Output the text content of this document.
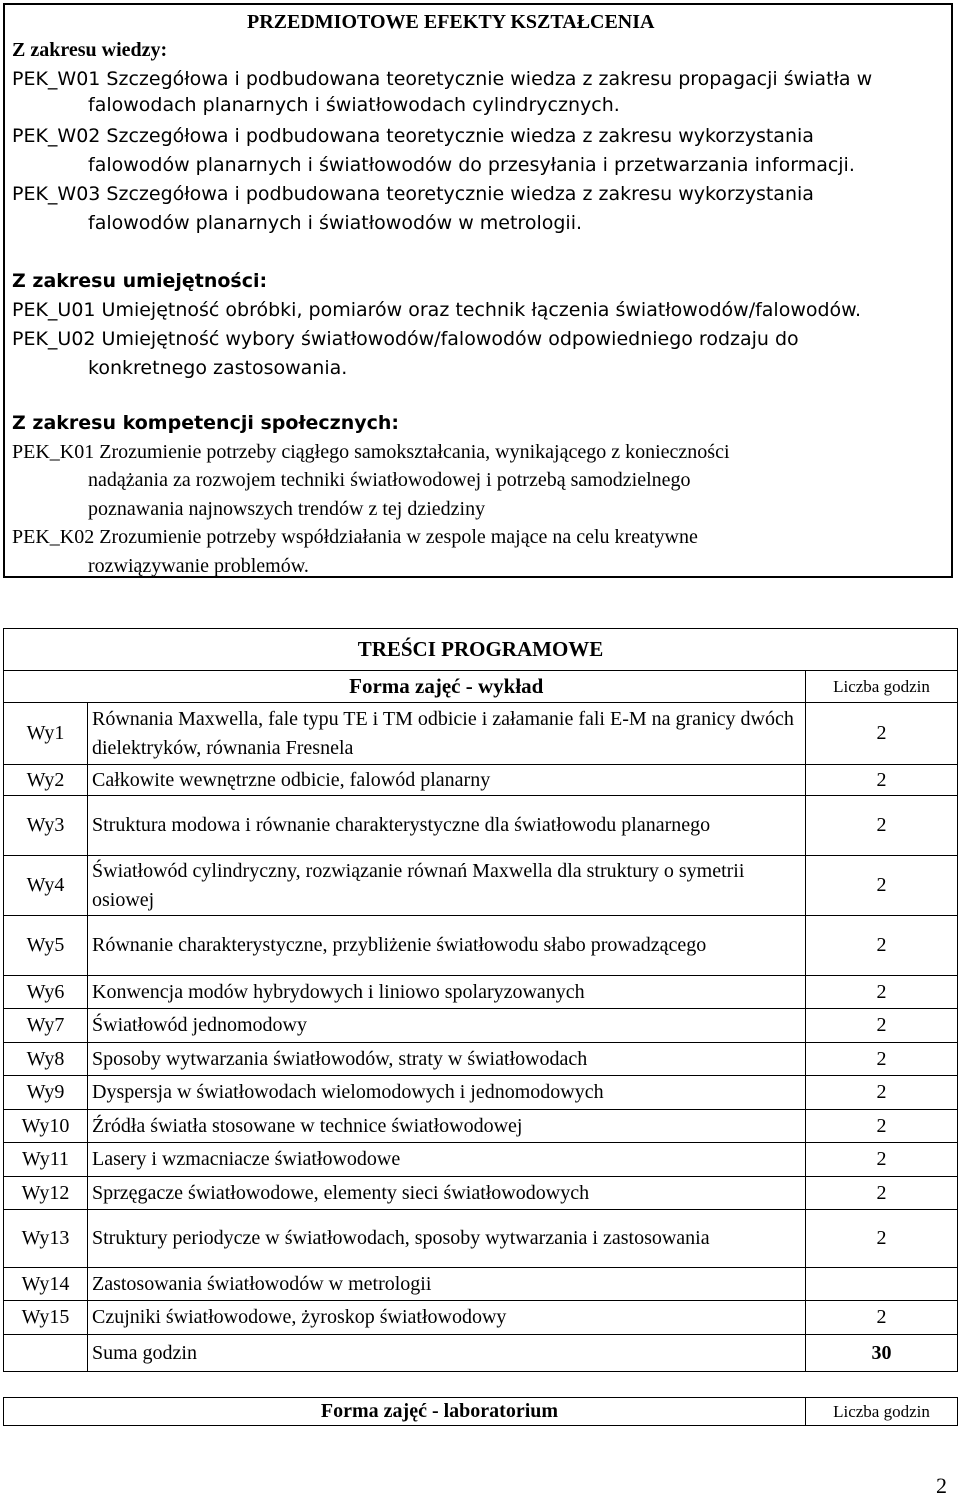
PRZEDMIOTOWE EFEKTY KSZTAŁCENIA
Z zakresu wiedzy:
PEK_W01 Szczegółowa i podbudowana teoretycznie wiedza z zakresu propagacji światła w
falowodach planarnych i światłowodach cylindrycznych.
PEK_W02 Szczegółowa i podbudowana teoretycznie wiedza z zakresu wykorzystania
falowodów planarnych i światłowodów do przesyłania i przetwarzania informacji.
PEK_W03 Szczegółowa i podbudowana teoretycznie wiedza z zakresu wykorzystania
falowodów planarnych i światłowodów w metrologii.
Z zakresu umiejętności:
PEK_U01 Umiejętność obróbki, pomiarów oraz technik łączenia światłowodów/falowodów.
PEK_U02 Umiejętność wybory światłowodów/falowodów odpowiedniego rodzaju do
konkretnego zastosowania.
Z zakresu kompetencji społecznych:
PEK_K01 Zrozumienie potrzeby ciągłego samokształcania, wynikającego z konieczności
nadążania za rozwojem techniki światłowodowej i potrzebą samodzielnego
poznawania najnowszych trendów z tej dziedziny
PEK_K02 Zrozumienie potrzeby współdziałania w zespole mające na celu kreatywne
rozwiązywanie problemów.
TREŚCI PROGRAMOWE		
	Forma zajęć - wykład	Liczba godzin
Wy1	Równania Maxwella, fale typu TE i TM odbicie i załamanie fali E-M na granicy dwóch dielektryków, równania Fresnela	2
Wy2	Całkowite wewnętrzne odbicie, falowód planarny	2
Wy3	Struktura modowa i równanie charakterystyczne dla światłowodu planarnego	2
Wy4	Światłowód cylindryczny, rozwiązanie równań Maxwella dla struktury o symetrii osiowej	2
Wy5	Równanie charakterystyczne, przybliżenie światłowodu słabo prowadzącego	2
Wy6	Konwencja modów hybrydowych i liniowo spolaryzowanych	2
Wy7	Światłowód jednomodowy	2
Wy8	Sposoby wytwarzania światłowodów, straty w światłowodach	2
Wy9	Dyspersja w światłowodach wielomodowych i jednomodowych	2
Wy10	Źródła światła stosowane w technice światłowodowej	2
Wy11	Lasery i wzmacniacze światłowodowe	2
Wy12	Sprzęgacze światłowodowe, elementy sieci światłowodowych	2
Wy13	Struktury periodycze w światłowodach, sposoby wytwarzania i zastosowania	2
Wy14	Zastosowania światłowodów w metrologii	
Wy15	Czujniki światłowodowe, żyroskop światłowodowy	2
	Suma godzin	30
Forma zajęć - laboratorium	Liczba godzin
2
